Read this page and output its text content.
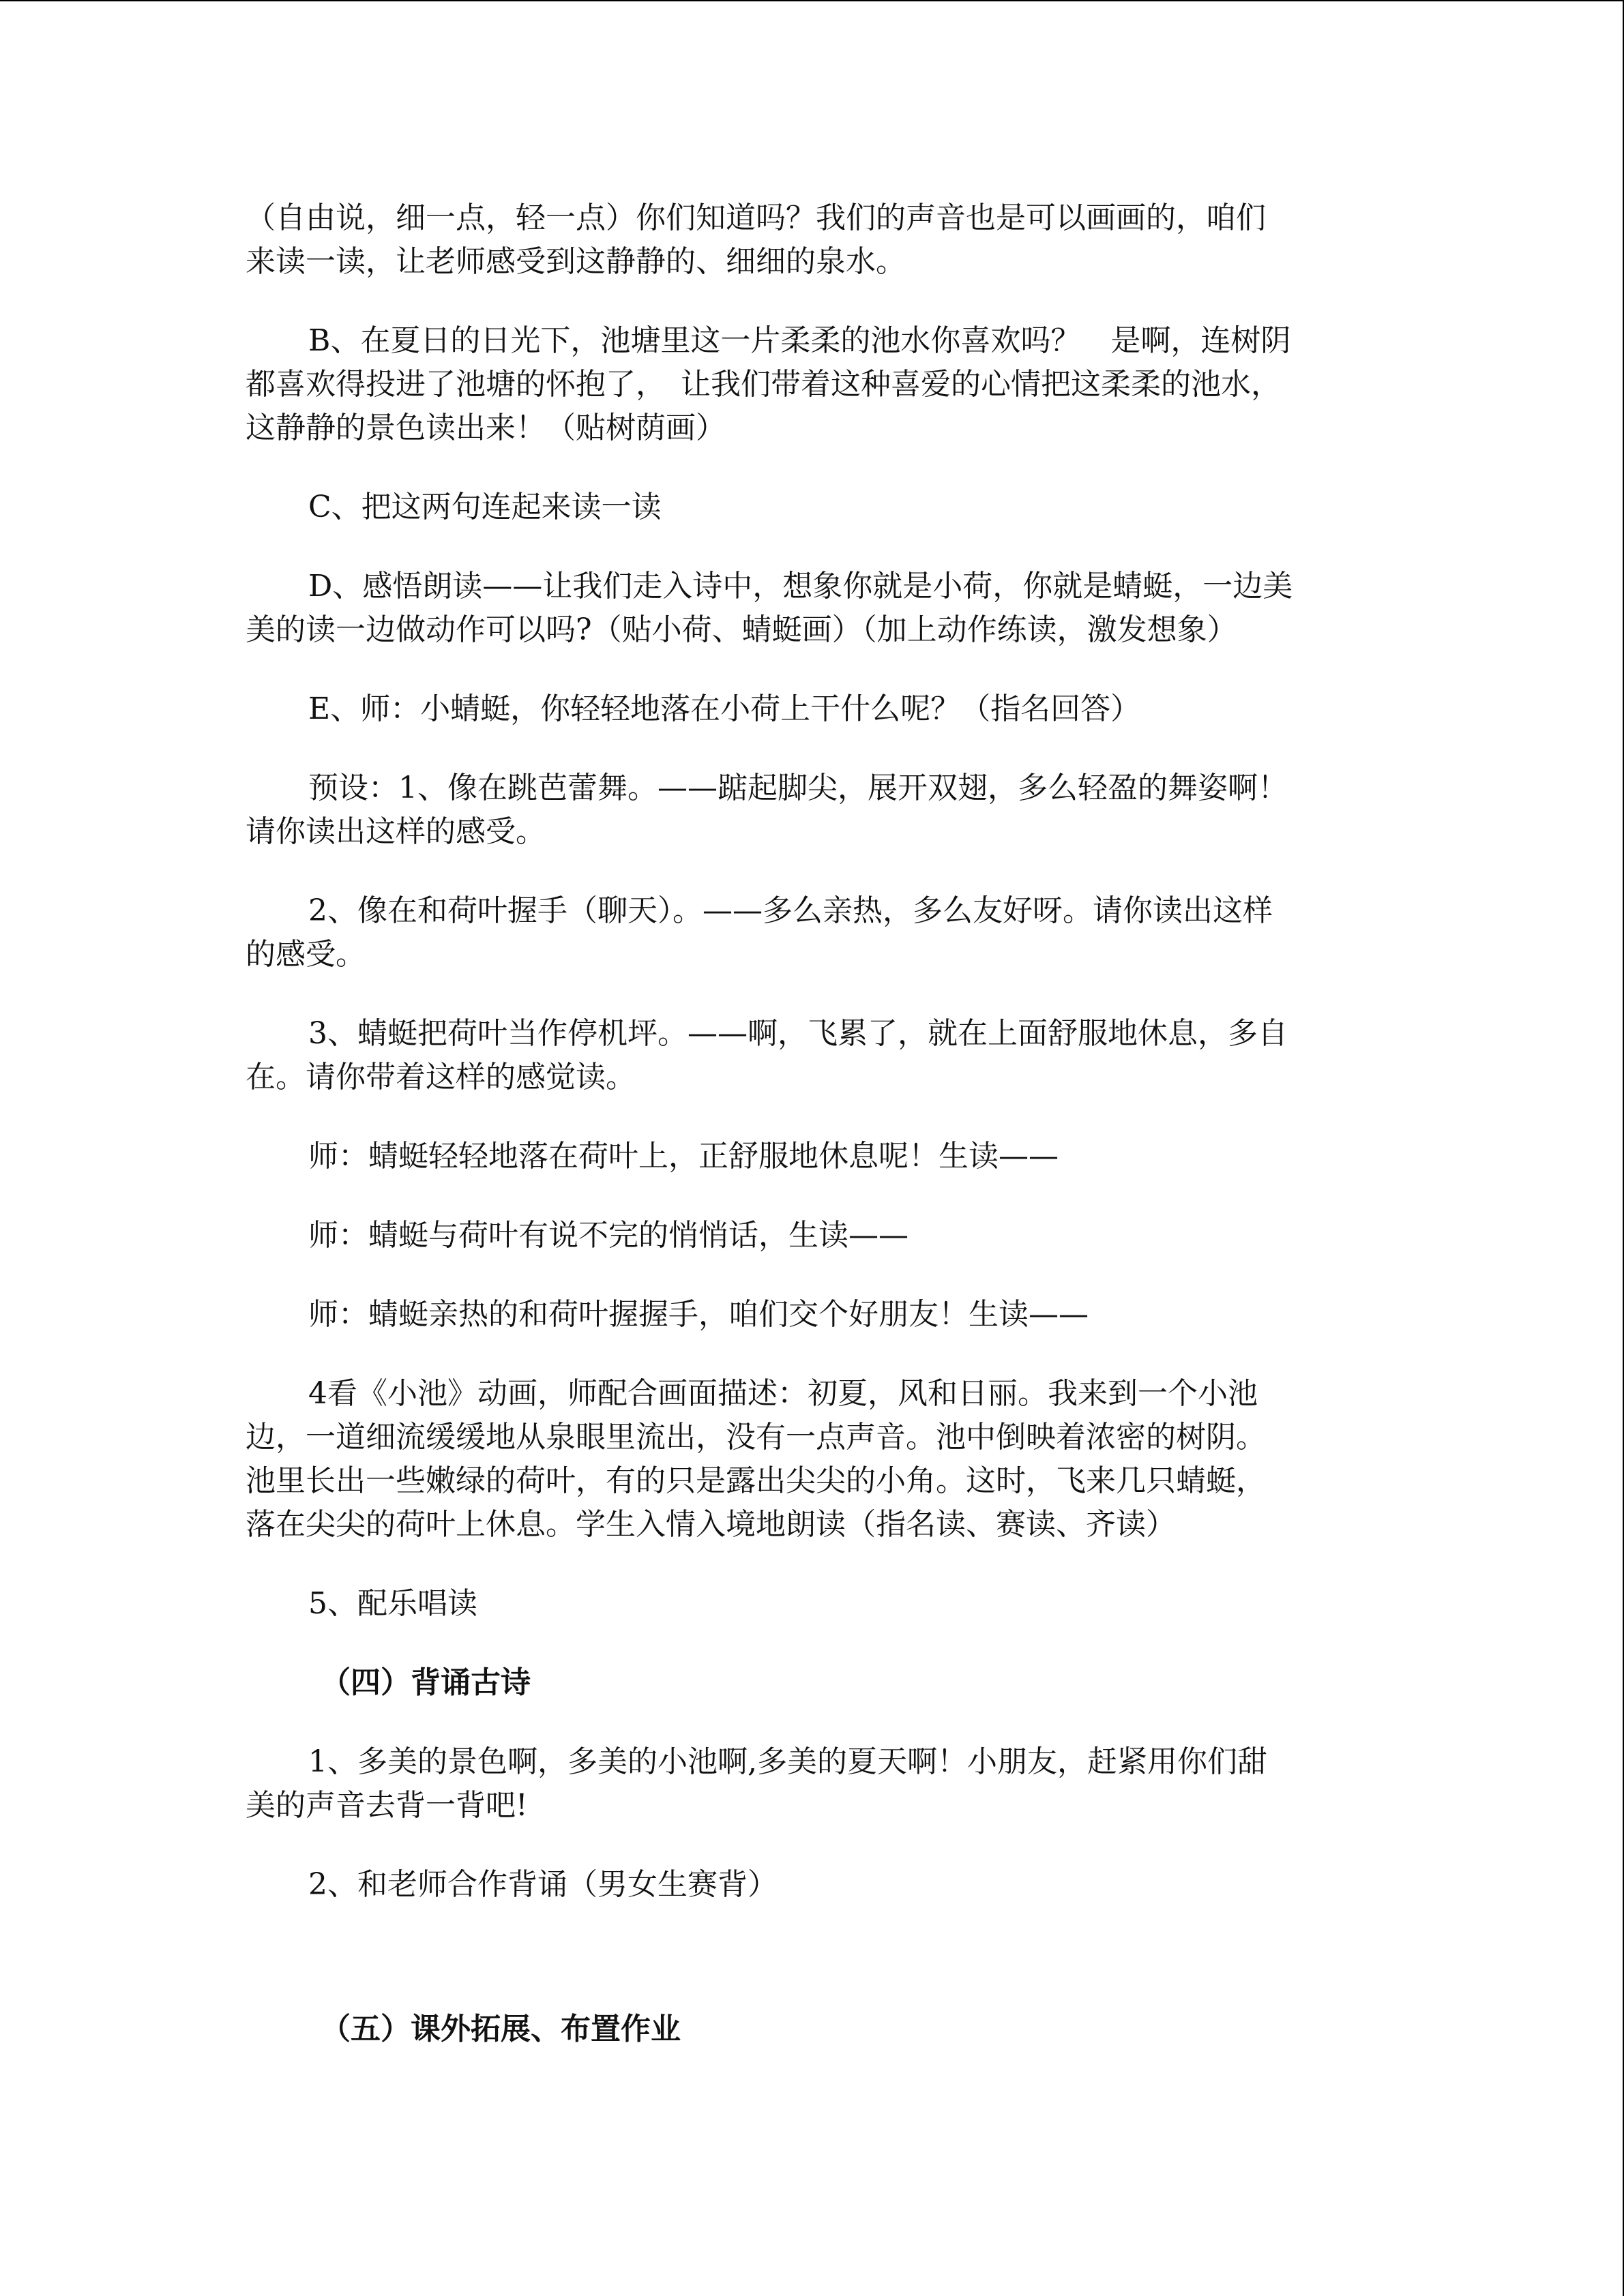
（自由说，细一点，轻一点）你们知道吗？我们的声音也是可以画画的，咱们
来读一读，让老师感受到这静静的、细细的泉水。

B、在夏日的日光下，池塘里这一片柔柔的池水你喜欢吗？　是啊，连树阴
都喜欢得投进了池塘的怀抱了，　让我们带着这种喜爱的心情把这柔柔的池水，
这静静的景色读出来！（贴树荫画）

C、把这两句连起来读一读

D、感悟朗读——让我们走入诗中，想象你就是小荷，你就是蜻蜓，一边美
美的读一边做动作可以吗?（贴小荷、蜻蜓画）（加上动作练读，激发想象）

E、师：小蜻蜓，你轻轻地落在小荷上干什么呢？（指名回答）

预设：1、像在跳芭蕾舞。——踮起脚尖，展开双翅，多么轻盈的舞姿啊！
请你读出这样的感受。

2、像在和荷叶握手（聊天）。——多么亲热，多么友好呀。请你读出这样
的感受。

3、蜻蜓把荷叶当作停机坪。——啊，飞累了，就在上面舒服地休息，多自
在。请你带着这样的感觉读。

师：蜻蜓轻轻地落在荷叶上，正舒服地休息呢！生读——

师：蜻蜓与荷叶有说不完的悄悄话，生读——

师：蜻蜓亲热的和荷叶握握手，咱们交个好朋友！生读——

4看《小池》动画，师配合画面描述：初夏，风和日丽。我来到一个小池
边，一道细流缓缓地从泉眼里流出，没有一点声音。池中倒映着浓密的树阴。
池里长出一些嫩绿的荷叶，有的只是露出尖尖的小角。这时，飞来几只蜻蜓，
落在尖尖的荷叶上休息。学生入情入境地朗读（指名读、赛读、齐读）

5、配乐唱读

（四）背诵古诗

1、多美的景色啊，多美的小池啊,多美的夏天啊！小朋友，赶紧用你们甜
美的声音去背一背吧!

2、和老师合作背诵（男女生赛背）

（五）课外拓展、布置作业
